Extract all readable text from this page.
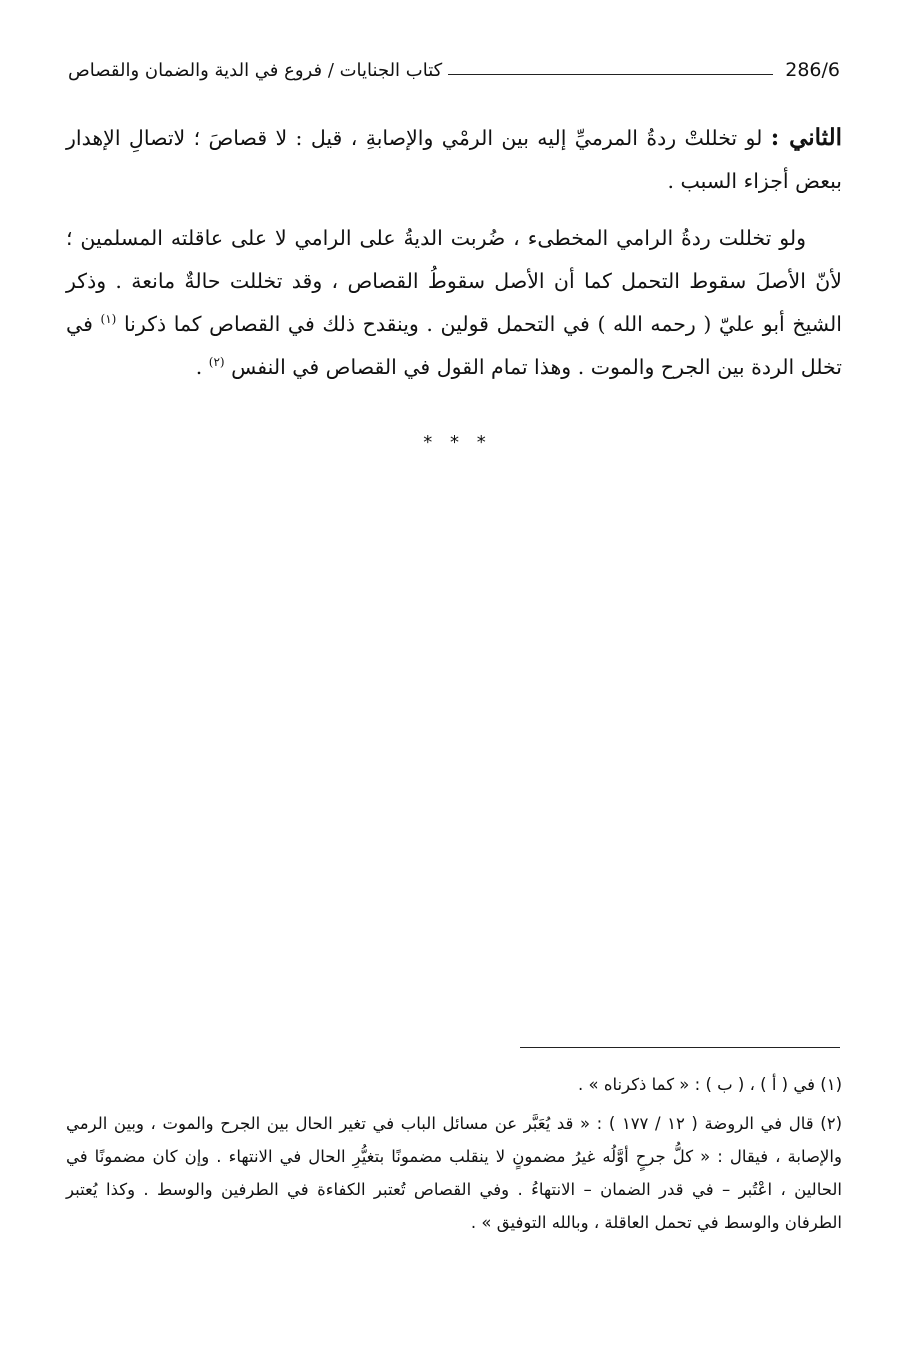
286/6
كتاب الجنايات / فروع في الدية والضمان والقصاص

الثاني : لو تخللتْ ردةُ المرميِّ إليه بين الرمْي والإصابةِ ، قيل : لا قصاصَ ؛ لاتصالِ الإهدار ببعض أجزاء السبب .

ولو تخللت ردةُ الرامي المخطىء ، ضُربت الديةُ على الرامي لا على عاقلته المسلمين ؛ لأنّ الأصلَ سقوط التحمل كما أن الأصل سقوطُ القصاص ، وقد تخللت حالةٌ مانعة . وذكر الشيخ أبو عليّ ( رحمه الله ) في التحمل قولين . وينقدح ذلك في القصاص كما ذكرنا $^{(١)}$ في تخلل الردة بين الجرح والموت . وهذا تمام القول في القصاص في النفس $^{(٢)}$ .

* * *

(١) في ( أ ) ، ( ب ) : « كما ذكرناه » .

(٢) قال في الروضة ( ١٢ / ١٧٧ ) : « قد يُعَبَّر عن مسائل الباب في تغير الحال بين الجرح والموت ، وبين الرمي والإصابة ، فيقال : « كلُّ جرحٍ أوَّلُه غيرُ مضمونٍ لا ينقلب مضمونًا بتغيُّرِ الحال في الانتهاء . وإن كان مضمونًا في الحالين ، اعْتُبر – في قدر الضمان – الانتهاءُ . وفي القصاص تُعتبر الكفاءة في الطرفين والوسط . وكذا يُعتبر الطرفان والوسط في تحمل العاقلة ، وبالله التوفيق » .
